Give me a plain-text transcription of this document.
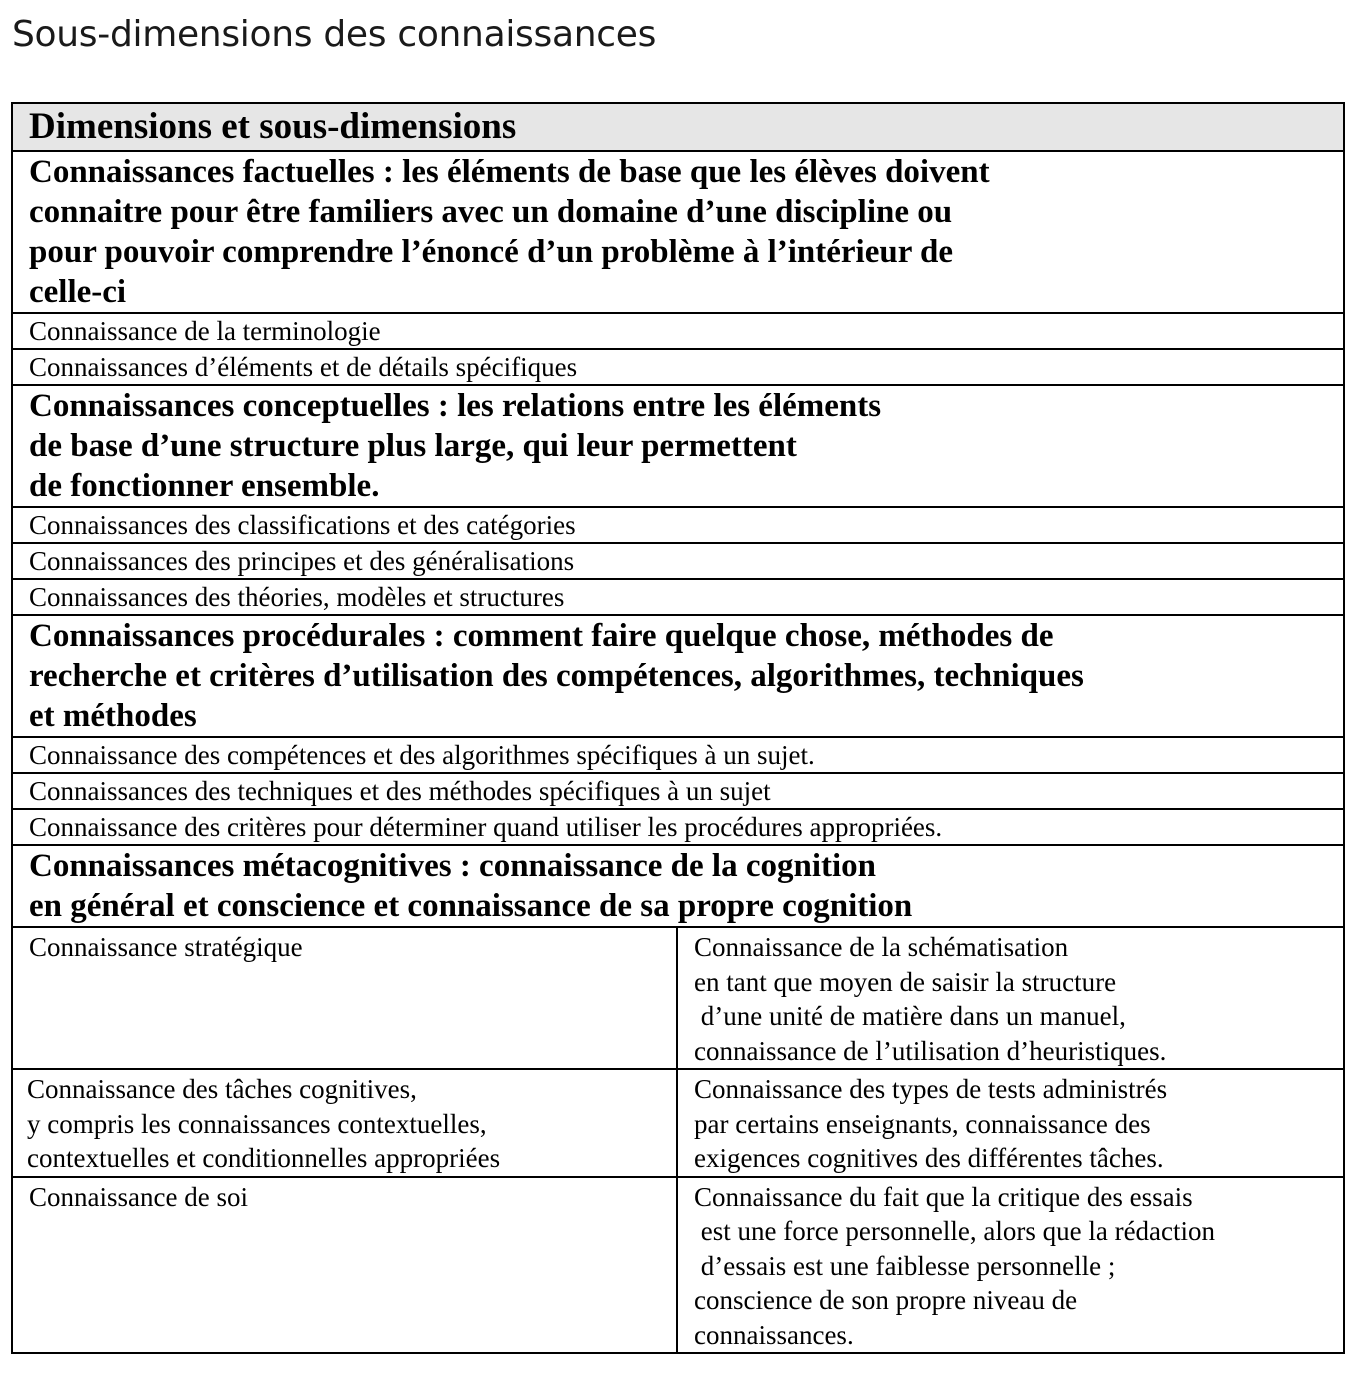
Sous-dimensions des connaissances
Dimensions et sous-dimensions	

Connaissances factuelles : les éléments de base que les élèves doivent
connaitre pour être familiers avec un domaine d’une discipline ou
pour pouvoir comprendre l’énoncé d’un problème à l’intérieur de
celle-ci	

Connaissance de la terminologie	
Connaissances d’éléments et de détails spécifiques	

Connaissances conceptuelles : les relations entre les éléments
de base d’une structure plus large, qui leur permettent
de fonctionner ensemble.	

Connaissances des classifications et des catégories	
Connaissances des principes et des généralisations	
Connaissances des théories, modèles et structures	

Connaissances procédurales : comment faire quelque chose, méthodes de
recherche et critères d’utilisation des compétences, algorithmes, techniques
et méthodes	

Connaissance des compétences et des algorithmes spécifiques à un sujet.	
Connaissances des techniques et des méthodes spécifiques à un sujet	
Connaissance des critères pour déterminer quand utiliser les procédures appropriées.	

Connaissances métacognitives : connaissance de la cognition
en général et conscience et connaissance de sa propre cognition	

Connaissance stratégique	Connaissance de la schématisation
en tant que moyen de saisir la structure
d’une unité de matière dans un manuel,
connaissance de l’utilisation d’heuristiques.

Connaissance des tâches cognitives,
y compris les connaissances contextuelles,
contextuelles et conditionnelles appropriées	Connaissance des types de tests administrés
par certains enseignants, connaissance des
exigences cognitives des différentes tâches.

Connaissance de soi	Connaissance du fait que la critique des essais
est une force personnelle, alors que la rédaction
d’essais est une faiblesse personnelle ;
conscience de son propre niveau de
connaissances.
